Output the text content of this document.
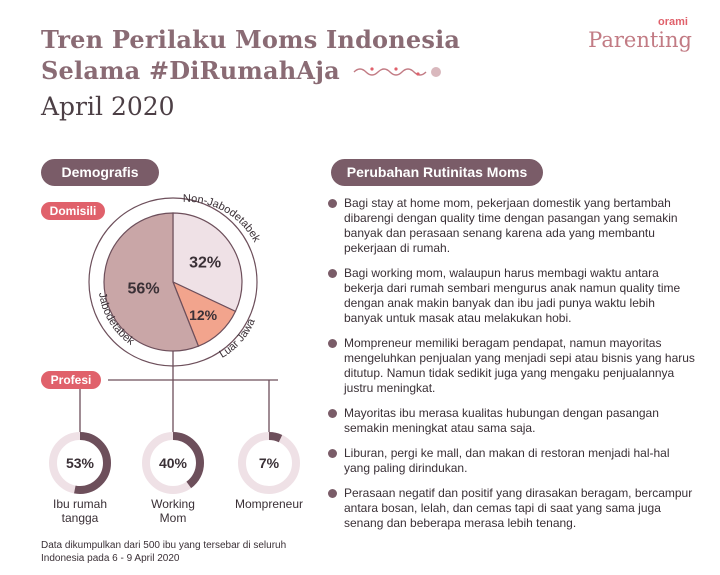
Tren Perilaku Moms Indonesia
Selama #DiRumahAja
April 2020
orami
Parenting
Demografis	Perubahan Rutinitas Moms
32%
12%
56%
Non-Jabodetabek
Luar Jawa
Jabodetabek
53%
Ibu rumah
tangga
40%
Working
Mom
7%
Mompreneur
Domisili
Profesi
Bagi stay at home mom, pekerjaan domestik yang bertambah dibarengi dengan quality time dengan pasangan yang semakin banyak dan perasaan senang karena ada yang membantu pekerjaan di rumah.
Bagi working mom, walaupun harus membagi waktu antara bekerja dari rumah sembari mengurus anak namun quality time dengan anak makin banyak dan ibu jadi punya waktu lebih banyak untuk masak atau melakukan hobi.
Mompreneur memiliki beragam pendapat, namun mayoritas mengeluhkan penjualan yang menjadi sepi atau bisnis yang harus ditutup. Namun tidak sedikit juga yang mengaku penjualannya justru meningkat.
Mayoritas ibu merasa kualitas hubungan dengan pasangan semakin meningkat atau sama saja.
Liburan, pergi ke mall, dan makan di restoran menjadi hal-hal yang paling dirindukan.
Perasaan negatif dan positif yang dirasakan beragam, bercampur antara bosan, lelah, dan cemas tapi di saat yang sama juga senang dan beberapa merasa lebih tenang.
Data dikumpulkan dari 500 ibu yang tersebar di seluruh Indonesia pada 6 - 9 April 2020
